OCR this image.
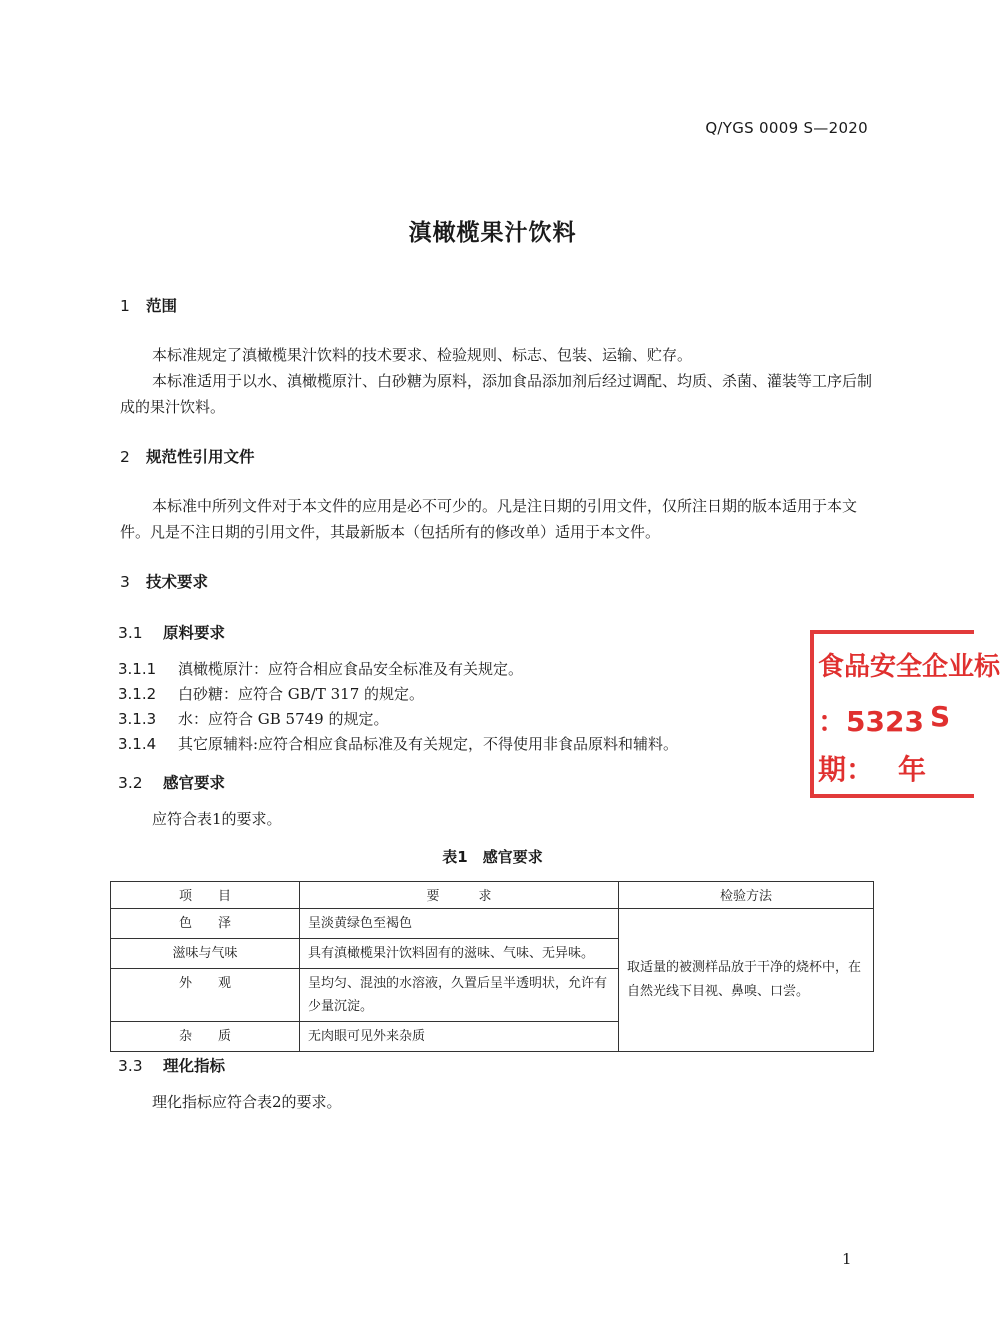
Q/YGS 0009 S—2020
滇橄榄果汁饮料
1 范围
本标准规定了滇橄榄果汁饮料的技术要求、检验规则、标志、包装、运输、贮存。
本标准适用于以水、滇橄榄原汁、白砂糖为原料，添加食品添加剂后经过调配、均质、杀菌、灌装等工序后制成的果汁饮料。
2 规范性引用文件
本标准中所列文件对于本文件的应用是必不可少的。凡是注日期的引用文件，仅所注日期的版本适用于本文件。凡是不注日期的引用文件，其最新版本（包括所有的修改单）适用于本文件。
3 技术要求
3.1 原料要求
3.1.1 滇橄榄原汁：应符合相应食品安全标准及有关规定。
3.1.2 白砂糖：应符合 GB/T 317 的规定。
3.1.3 水：应符合 GB 5749 的规定。
3.1.4 其它原辅料:应符合相应食品标准及有关规定，不得使用非食品原料和辅料。
3.2 感官要求
应符合表1的要求。
表1　感官要求
项　　目	要　　　求	检验方法
色　　泽	呈淡黄绿色至褐色	取适量的被测样品放于干净的烧杯中，在自然光线下目视、鼻嗅、口尝。
滋味与气味	具有滇橄榄果汁饮料固有的滋味、气味、无异味。	
外　　观	呈均匀、混浊的水溶液，久置后呈半透明状，允许有少量沉淀。	
杂　　质	无肉眼可见外来杂质	
3.3 理化指标
理化指标应符合表2的要求。
食品安全企业标
：5323 S
期： 年
1
